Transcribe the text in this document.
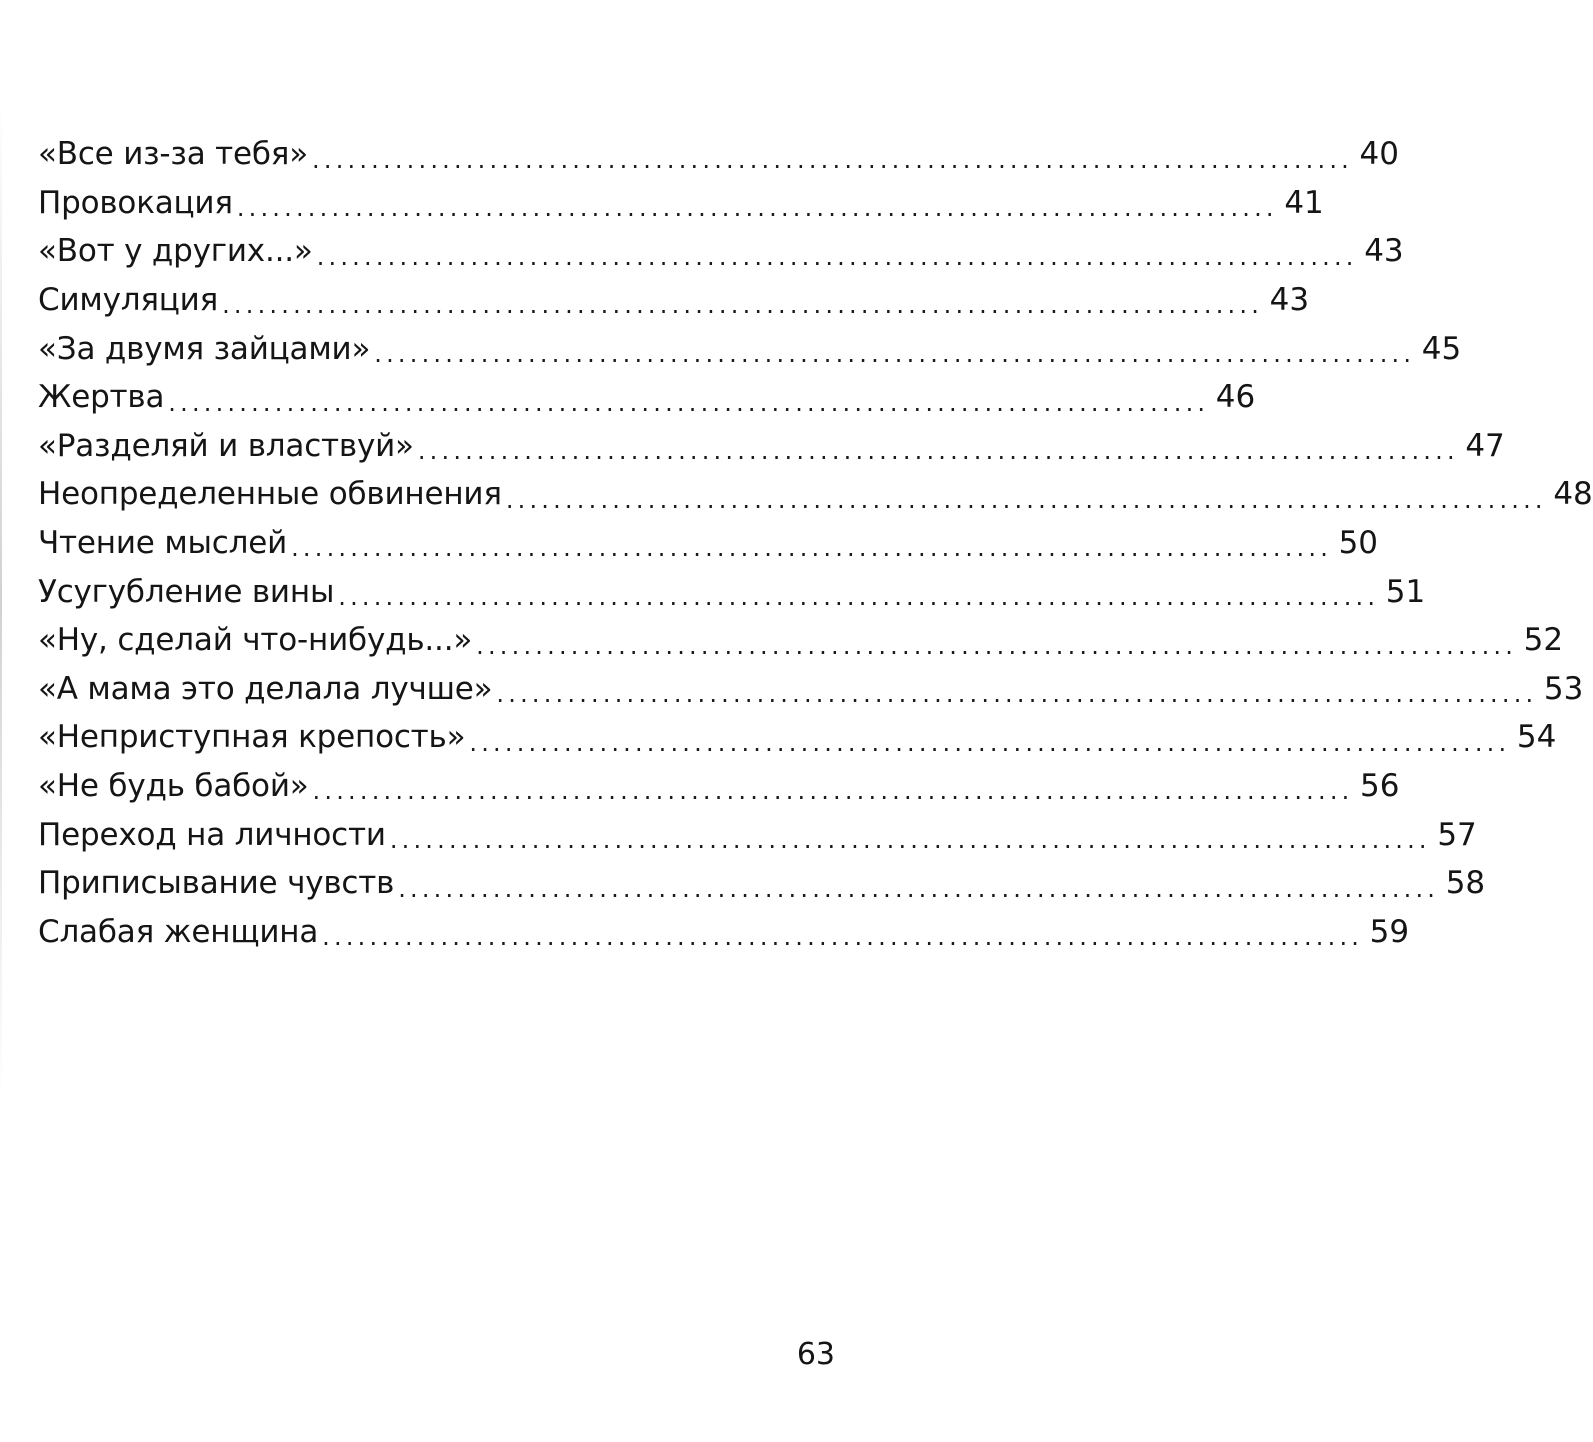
«Все из-за тебя» ........................................................................................ 40
Провокация ........................................................................................ 41
«Вот у других...» ........................................................................................ 43
Симуляция ........................................................................................ 43
«За двумя зайцами» ........................................................................................ 45
Жертва ........................................................................................ 46
«Разделяй и властвуй» ........................................................................................ 47
Неопределенные обвинения ........................................................................................ 48
Чтение мыслей ........................................................................................ 50
Усугубление вины ........................................................................................ 51
«Ну, сделай что-нибудь...» ........................................................................................ 52
«А мама это делала лучше» ........................................................................................ 53
«Неприступная крепость» ........................................................................................ 54
«Не будь бабой» ........................................................................................ 56
Переход на личности ........................................................................................ 57
Приписывание чувств ........................................................................................ 58
Слабая женщина ........................................................................................ 59
63
